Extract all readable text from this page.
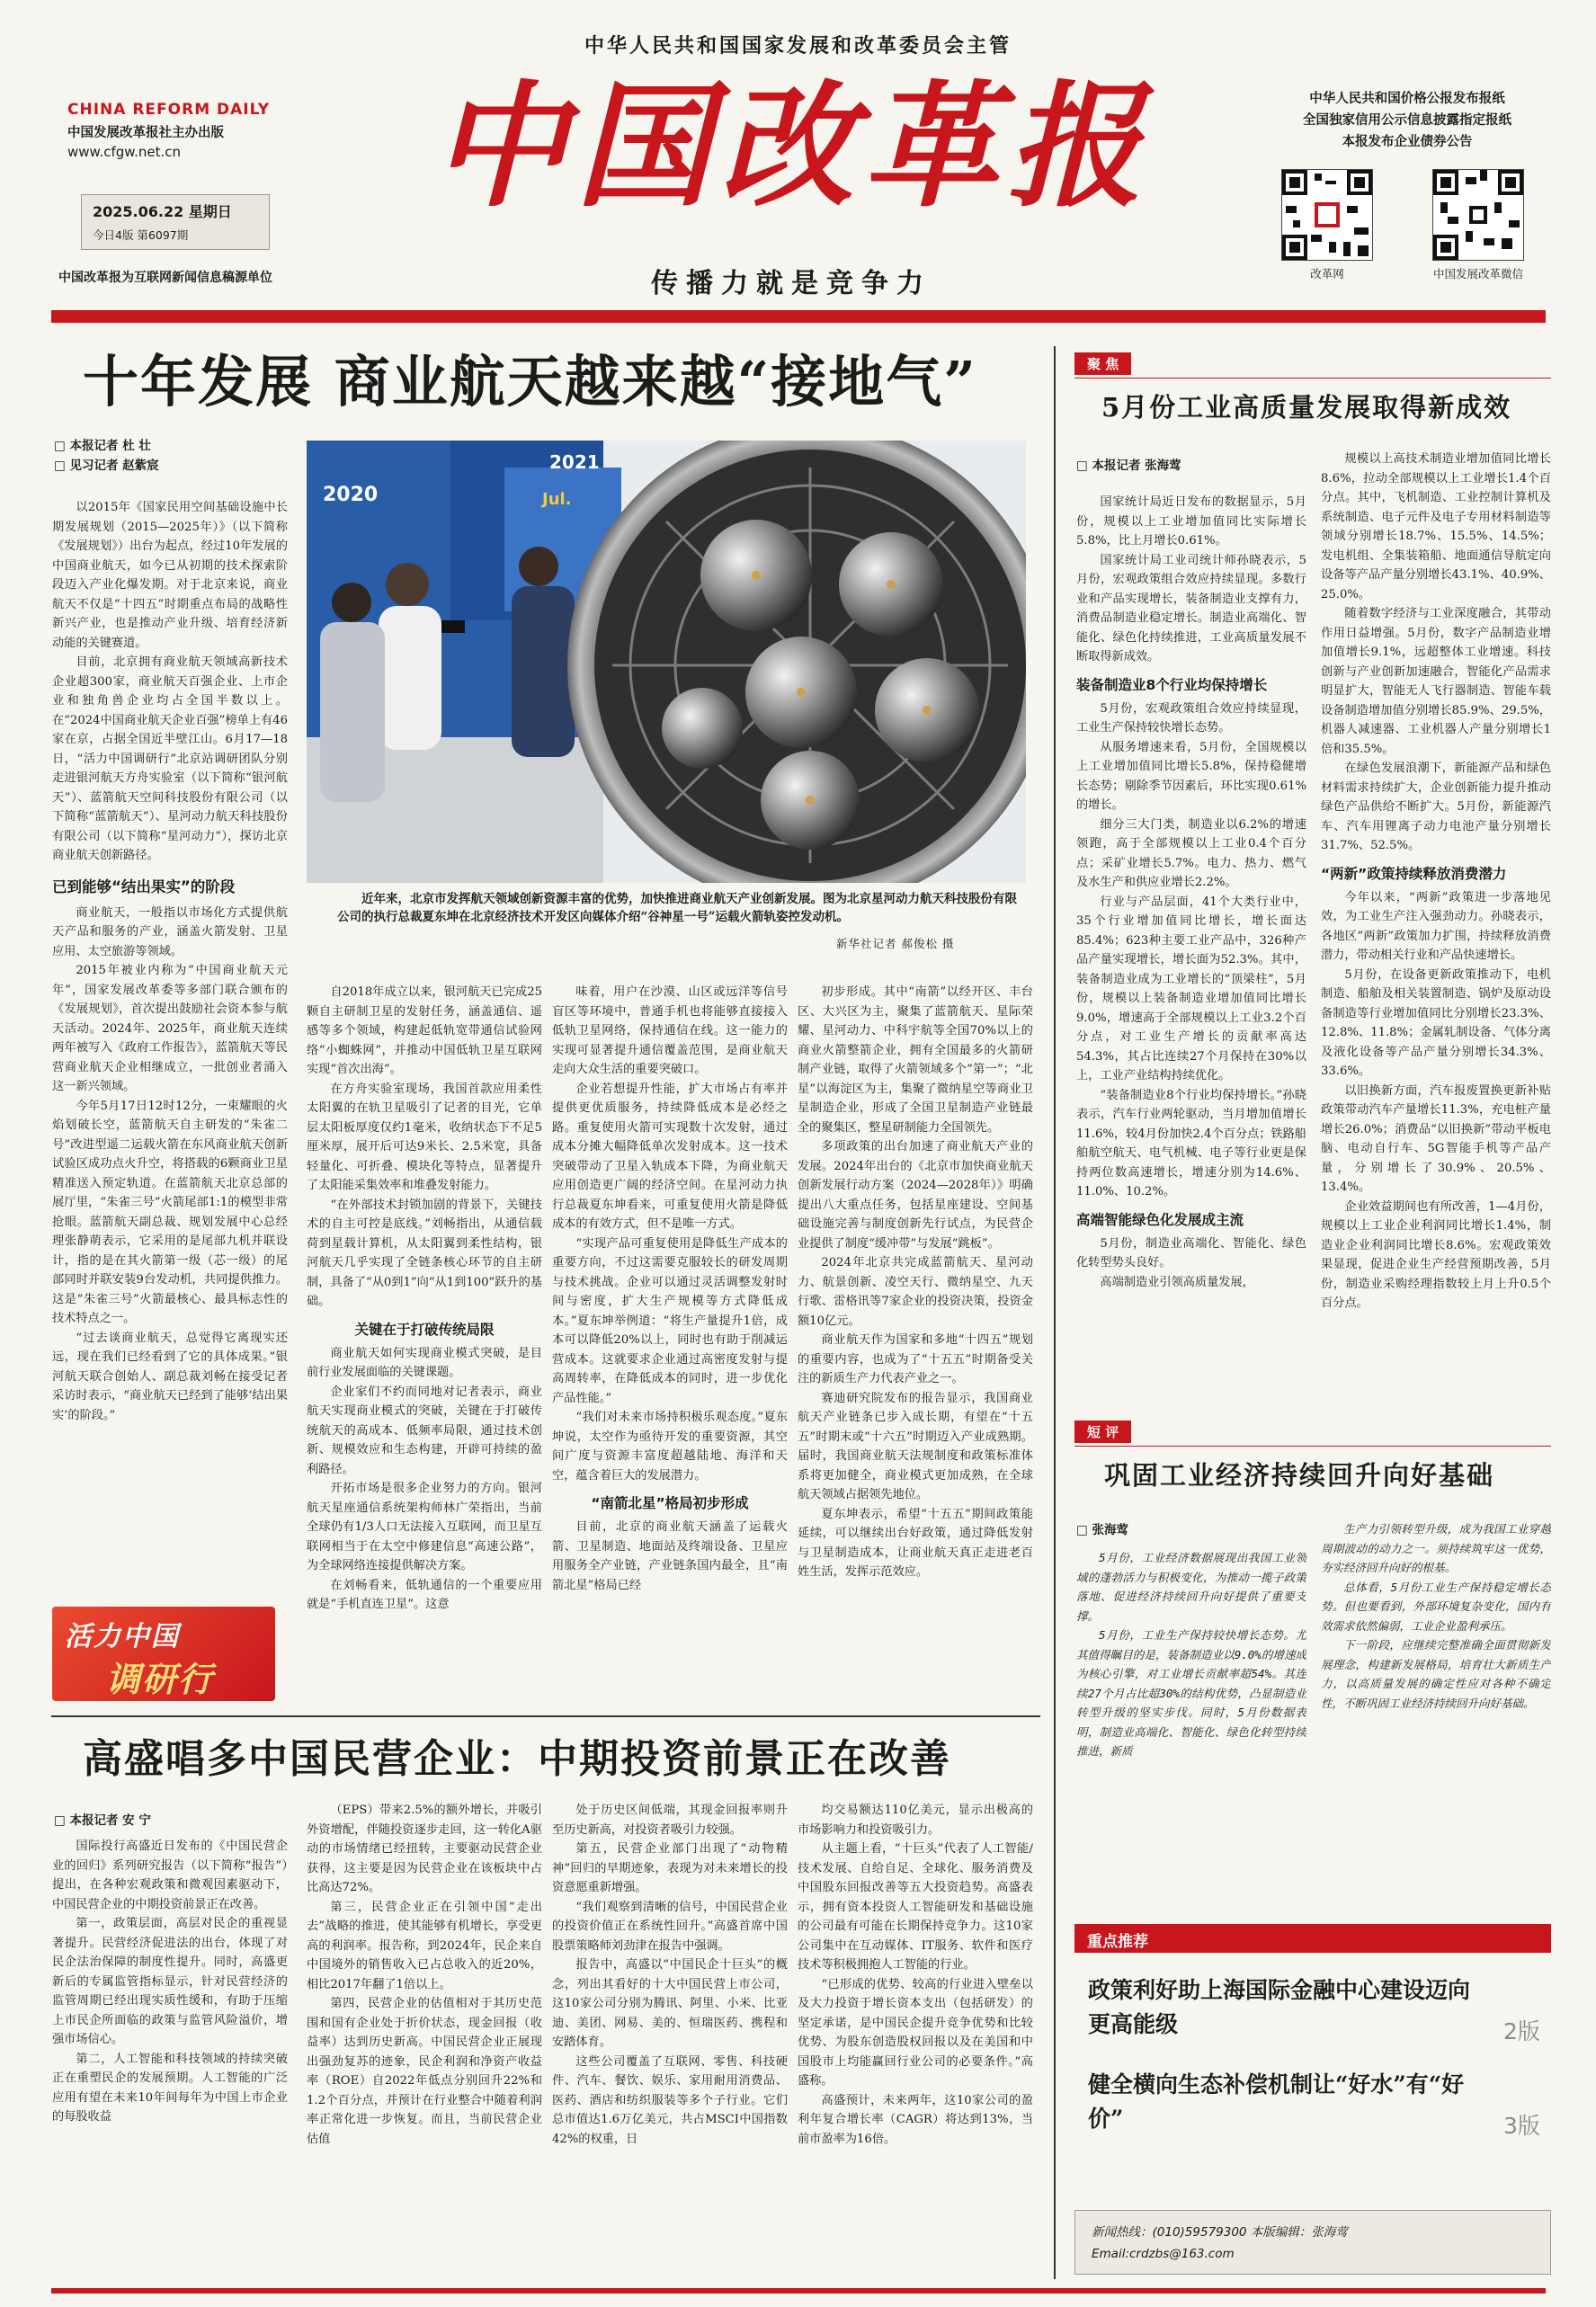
中华人民共和国国家发展和改革委员会主管
CHINA REFORM DAILY
中国发展改革报社主办出版
www.cfgw.net.cn
2025.06.22 星期日
今日4版 第6097期
中国改革报为互联网新闻信息稿源单位
中国改革报
传播力就是竞争力
中华人民共和国价格公报发布报纸
全国独家信用公示信息披露指定报纸
本报发布企业债券公告
改革网	中国发展改革微信
十年发展 商业航天越来越“接地气”
□ 本报记者 杜 壮
□ 见习记者 赵紫宸
2020
2021
Jul.
近年来，北京市发挥航天领域创新资源丰富的优势，加快推进商业航天产业创新发展。图为北京星河动力航天科技股份有限公司的执行总裁夏东坤在北京经济技术开发区向媒体介绍“谷神星一号”运载火箭轨姿控发动机。
新华社记者 郝俊松 摄

以2015年《国家民用空间基础设施中长期发展规划（2015—2025年）》（以下简称《发展规划》）出台为起点，经过10年发展的中国商业航天，如今已从初期的技术探索阶段迈入产业化爆发期。对于北京来说，商业航天不仅是“十四五”时期重点布局的战略性新兴产业，也是推动产业升级、培育经济新动能的关键赛道。

目前，北京拥有商业航天领域高新技术企业超300家，商业航天百强企业、上市企业和独角兽企业均占全国半数以上。在“2024中国商业航天企业百强”榜单上有46家在京，占据全国近半壁江山。6月17—18日，“活力中国调研行”北京站调研团队分别走进银河航天方舟实验室（以下简称“银河航天”）、蓝箭航天空间科技股份有限公司（以下简称“蓝箭航天”）、星河动力航天科技股份有限公司（以下简称“星河动力”），探访北京商业航天创新路径。

已到能够“结出果实”的阶段

商业航天，一般指以市场化方式提供航天产品和服务的产业，涵盖火箭发射、卫星应用、太空旅游等领域。

2015年被业内称为“中国商业航天元年”，国家发展改革委等多部门联合颁布的《发展规划》，首次提出鼓励社会资本参与航天活动。2024年、2025年，商业航天连续两年被写入《政府工作报告》，蓝箭航天等民营商业航天企业相继成立，一批创业者涌入这一新兴领域。

今年5月17日12时12分，一束耀眼的火焰划破长空，蓝箭航天自主研发的“朱雀二号”改进型遥二运载火箭在东风商业航天创新试验区成功点火升空，将搭载的6颗商业卫星精准送入预定轨道。在蓝箭航天北京总部的展厅里，“朱雀三号”火箭尾部1:1的模型非常抢眼。蓝箭航天副总裁、规划发展中心总经理张静萌表示，它采用的是尾部九机并联设计，指的是在其火箭第一级（芯一级）的尾部同时并联安装9台发动机，共同提供推力。这是“朱雀三号”火箭最核心、最具标志性的技术特点之一。

“过去谈商业航天，总觉得它离现实还远，现在我们已经看到了它的具体成果。”银河航天联合创始人、副总裁刘畅在接受记者采访时表示，“商业航天已经到了能够‘结出果实’的阶段。”

活力中国
调研行

自2018年成立以来，银河航天已完成25颗自主研制卫星的发射任务，涵盖通信、遥感等多个领域，构建起低轨宽带通信试验网络“小蜘蛛网”，并推动中国低轨卫星互联网实现“首次出海”。

在方舟实验室现场，我国首款应用柔性太阳翼的在轨卫星吸引了记者的目光，它单层太阳板厚度仅约1毫米，收纳状态下不足5厘米厚，展开后可达9米长、2.5米宽，具备轻量化、可折叠、模块化等特点，显著提升了太阳能采集效率和堆叠发射能力。

“在外部技术封锁加剧的背景下，关键技术的自主可控是底线。”刘畅指出，从通信载荷到星载计算机，从太阳翼到柔性结构，银河航天几乎实现了全链条核心环节的自主研制，具备了“从0到1”向“从1到100”跃升的基础。

关键在于打破传统局限

商业航天如何实现商业模式突破，是目前行业发展面临的关键课题。

企业家们不约而同地对记者表示，商业航天实现商业模式的突破，关键在于打破传统航天的高成本、低频率局限，通过技术创新、规模效应和生态构建，开辟可持续的盈利路径。

开拓市场是很多企业努力的方向。银河航天星座通信系统架构师林广荣指出，当前全球仍有1/3人口无法接入互联网，而卫星互联网相当于在太空中修建信息“高速公路”，为全球网络连接提供解决方案。

在刘畅看来，低轨通信的一个重要应用就是“手机直连卫星”。这意

味着，用户在沙漠、山区或远洋等信号盲区等环境中，普通手机也将能够直接接入低轨卫星网络，保持通信在线。这一能力的实现可显著提升通信覆盖范围，是商业航天走向大众生活的重要突破口。

企业若想提升性能，扩大市场占有率并提供更优质服务，持续降低成本是必经之路。重复使用火箭可实现数十次发射，通过成本分摊大幅降低单次发射成本。这一技术突破带动了卫星入轨成本下降，为商业航天应用创造更广阔的经济空间。在星河动力执行总裁夏东坤看来，可重复使用火箭是降低成本的有效方式，但不是唯一方式。

“实现产品可重复使用是降低生产成本的重要方向，不过这需要克服较长的研发周期与技术挑战。企业可以通过灵活调整发射时间与密度，扩大生产规模等方式降低成本。”夏东坤举例道：“将生产量提升1倍，成本可以降低20%以上，同时也有助于削减运营成本。这就要求企业通过高密度发射与提高周转率，在降低成本的同时，进一步优化产品性能。”

“我们对未来市场持积极乐观态度。”夏东坤说，太空作为亟待开发的重要资源，其空间广度与资源丰富度超越陆地、海洋和天空，蕴含着巨大的发展潜力。

“南箭北星”格局初步形成

目前，北京的商业航天涵盖了运载火箭、卫星制造、地面站及终端设备、卫星应用服务全产业链，产业链条国内最全，且“南箭北星”格局已经

初步形成。其中“南箭”以经开区、丰台区、大兴区为主，聚集了蓝箭航天、星际荣耀、星河动力、中科宇航等全国70%以上的商业火箭整箭企业，拥有全国最多的火箭研制产业链，取得了火箭领域多个“第一”；“北星”以海淀区为主，集聚了微纳星空等商业卫星制造企业，形成了全国卫星制造产业链最全的聚集区，整星研制能力全国领先。

多项政策的出台加速了商业航天产业的发展。2024年出台的《北京市加快商业航天创新发展行动方案（2024—2028年）》明确提出八大重点任务，包括星座建设、空间基础设施完善与制度创新先行试点，为民营企业提供了制度“缓冲带”与发展“跳板”。

2024年北京共完成蓝箭航天、星河动力、航景创新、凌空天行、微纳星空、九天行歌、雷格讯等7家企业的投资决策，投资金额10亿元。

商业航天作为国家和多地“十四五”规划的重要内容，也成为了“十五五”时期备受关注的新质生产力代表产业之一。

赛迪研究院发布的报告显示，我国商业航天产业链条已步入成长期，有望在“十五五”时期末或“十六五”时期迈入产业成熟期。届时，我国商业航天法规制度和政策标准体系将更加健全，商业模式更加成熟，在全球航天领域占据领先地位。

夏东坤表示，希望“十五五”期间政策能延续，可以继续出台好政策，通过降低发射与卫星制造成本，让商业航天真正走进老百姓生活，发挥示范效应。

高盛唱多中国民营企业：中期投资前景正在改善
□ 本报记者 安 宁

国际投行高盛近日发布的《中国民营企业的回归》系列研究报告（以下简称“报告”）提出，在各种宏观政策和微观因素驱动下，中国民营企业的中期投资前景正在改善。

第一，政策层面，高层对民企的重视显著提升。民营经济促进法的出台，体现了对民企法治保障的制度性提升。同时，高盛更新后的专属监管指标显示，针对民营经济的监管周期已经出现实质性缓和，有助于压缩上市民企所面临的政策与监管风险溢价，增强市场信心。

第二，人工智能和科技领域的持续突破正在重塑民企的发展预期。人工智能的广泛应用有望在未来10年间每年为中国上市企业的每股收益

（EPS）带来2.5%的额外增长，并吸引外资增配，伴随投资逐步走回，这一转化A驱动的市场情绪已经扭转，主要驱动民营企业获得，这主要是因为民营企业在该板块中占比高达72%。

第三，民营企业正在引领中国“走出去”战略的推进，使其能够有机增长，享受更高的利润率。报告称，到2024年，民企来自中国境外的销售收入已占总收入的近20%，相比2017年翻了1倍以上。

第四，民营企业的估值相对于其历史范围和国有企业处于折价状态，现金回报（收益率）达到历史新高。中国民营企业正展现出强劲复苏的迹象，民企利润和净资产收益率（ROE）自2022年低点分别回升22%和1.2个百分点，并预计在行业整合中随着利润率正常化进一步恢复。而且，当前民营企业估值

处于历史区间低端，其现金回报率则升至历史新高，对投资者吸引力较强。

第五，民营企业部门出现了“动物精神”回归的早期迹象，表现为对未来增长的投资意愿重新增强。

“我们观察到清晰的信号，中国民营企业的投资价值正在系统性回升。”高盛首席中国股票策略师刘劲津在报告中强调。

报告中，高盛以“中国民企十巨头”的概念，列出其看好的十大中国民营上市公司，这10家公司分别为腾讯、阿里、小米、比亚迪、美团、网易、美的、恒瑞医药、携程和安踏体育。

这些公司覆盖了互联网、零售、科技硬件、汽车、餐饮、娱乐、家用耐用消费品、医药、酒店和纺织服装等多个子行业。它们总市值达1.6万亿美元，共占MSCI中国指数42%的权重，日

均交易额达110亿美元，显示出极高的市场影响力和投资吸引力。

从主题上看，“十巨头”代表了人工智能/技术发展、自给自足、全球化、服务消费及中国股东回报改善等五大投资趋势。高盛表示，拥有资本投资人工智能研发和基础设施的公司最有可能在长期保持竞争力。这10家公司集中在互动媒体、IT服务、软件和医疗技术等积极拥抱人工智能的行业。

“已形成的优势、较高的行业进入壁垒以及大力投资于增长资本支出（包括研发）的坚定承诺，是中国民企提升竞争优势和比较优势、为股东创造股权回报以及在美国和中国股市上均能赢回行业公司的必要条件。”高盛称。

高盛预计，未来两年，这10家公司的盈利年复合增长率（CAGR）将达到13%，当前市盈率为16倍。

聚 焦
5月份工业高质量发展取得新成效
□ 本报记者 张海莺

国家统计局近日发布的数据显示，5月份，规模以上工业增加值同比实际增长5.8%，比上月增长0.61%。

国家统计局工业司统计师孙晓表示，5月份，宏观政策组合效应持续显现。多数行业和产品实现增长，装备制造业支撑有力，消费品制造业稳定增长。制造业高端化、智能化、绿色化持续推进，工业高质量发展不断取得新成效。

装备制造业8个行业均保持增长

5月份，宏观政策组合效应持续显现，工业生产保持较快增长态势。

从服务增速来看，5月份，全国规模以上工业增加值同比增长5.8%，保持稳健增长态势；剔除季节因素后，环比实现0.61%的增长。

细分三大门类，制造业以6.2%的增速领跑，高于全部规模以上工业0.4个百分点；采矿业增长5.7%。电力、热力、燃气及水生产和供应业增长2.2%。

行业与产品层面，41个大类行业中，35个行业增加值同比增长，增长面达85.4%；623种主要工业产品中，326种产品产量实现增长，增长面为52.3%。其中，装备制造业成为工业增长的“顶梁柱”，5月份，规模以上装备制造业增加值同比增长9.0%，增速高于全部规模以上工业3.2个百分点，对工业生产增长的贡献率高达54.3%，其占比连续27个月保持在30%以上，工业产业结构持续优化。

“装备制造业8个行业均保持增长。”孙晓表示，汽车行业两轮驱动，当月增加值增长11.6%，较4月份加快2.4个百分点；铁路船舶航空航天、电气机械、电子等行业更是保持两位数高速增长，增速分别为14.6%、11.0%、10.2%。

高端智能绿色化发展成主流

5月份，制造业高端化、智能化、绿色化转型势头良好。

高端制造业引领高质量发展，

规模以上高技术制造业增加值同比增长8.6%，拉动全部规模以上工业增长1.4个百分点。其中，飞机制造、工业控制计算机及系统制造、电子元件及电子专用材料制造等领域分别增长18.7%、15.5%、14.5%；发电机组、全集装箱船、地面通信导航定向设备等产品产量分别增长43.1%、40.9%、25.0%。

随着数字经济与工业深度融合，其带动作用日益增强。5月份，数字产品制造业增加值增长9.1%，远超整体工业增速。科技创新与产业创新加速融合，智能化产品需求明显扩大，智能无人飞行器制造、智能车载设备制造增加值分别增长85.9%、29.5%，机器人减速器、工业机器人产量分别增长1倍和35.5%。

在绿色发展浪潮下，新能源产品和绿色材料需求持续扩大，企业创新能力提升推动绿色产品供给不断扩大。5月份，新能源汽车、汽车用锂离子动力电池产量分别增长31.7%、52.5%。

“两新”政策持续释放消费潜力

今年以来，“两新”政策进一步落地见效，为工业生产注入强劲动力。孙晓表示，各地区“两新”政策加力扩围，持续释放消费潜力，带动相关行业和产品快速增长。

5月份，在设备更新政策推动下，电机制造、船舶及相关装置制造、锅炉及原动设备制造等行业增加值同比分别增长23.3%、12.8%、11.8%；金属轧制设备、气体分离及液化设备等产品产量分别增长34.3%、33.6%。

以旧换新方面，汽车报废置换更新补贴政策带动汽车产量增长11.3%，充电桩产量增长26.0%；消费品“以旧换新”带动平板电脑、电动自行车、5G智能手机等产品产量，分别增长了30.9%、20.5%、13.4%。

企业效益期间也有所改善，1—4月份，规模以上工业企业利润同比增长1.4%，制造业企业利润同比增长8.6%。宏观政策效果显现，促进企业生产经营预期改善，5月份，制造业采购经理指数较上月上升0.5个百分点。

短 评
巩固工业经济持续回升向好基础
□ 张海莺

5月份，工业经济数据展现出我国工业领域的蓬勃活力与积极变化，为推动一揽子政策落地、促进经济持续回升向好提供了重要支撑。

5月份，工业生产保持较快增长态势。尤其值得瞩目的是，装备制造业以9.0%的增速成为核心引擎，对工业增长贡献率超54%。其连续27个月占比超30%的结构优势，凸显制造业转型升级的坚实步伐。同时，5月份数据表明，制造业高端化、智能化、绿色化转型持续推进，新质

生产力引领转型升级，成为我国工业穿越周期波动的动力之一。须持续筑牢这一优势，夯实经济回升向好的根基。

总体看，5月份工业生产保持稳定增长态势。但也要看到，外部环境复杂变化，国内有效需求依然偏弱，工业企业盈利承压。

下一阶段，应继续完整准确全面贯彻新发展理念，构建新发展格局，培育壮大新质生产力，以高质量发展的确定性应对各种不确定性，不断巩固工业经济持续回升向好基础。

重点推荐
政策利好助上海国际金融中心建设迈向更高能级	2版
健全横向生态补偿机制让“好水”有“好价”	3版
新闻热线：(010)59579300 本版编辑：张海莺
Email:crdzbs@163.com
